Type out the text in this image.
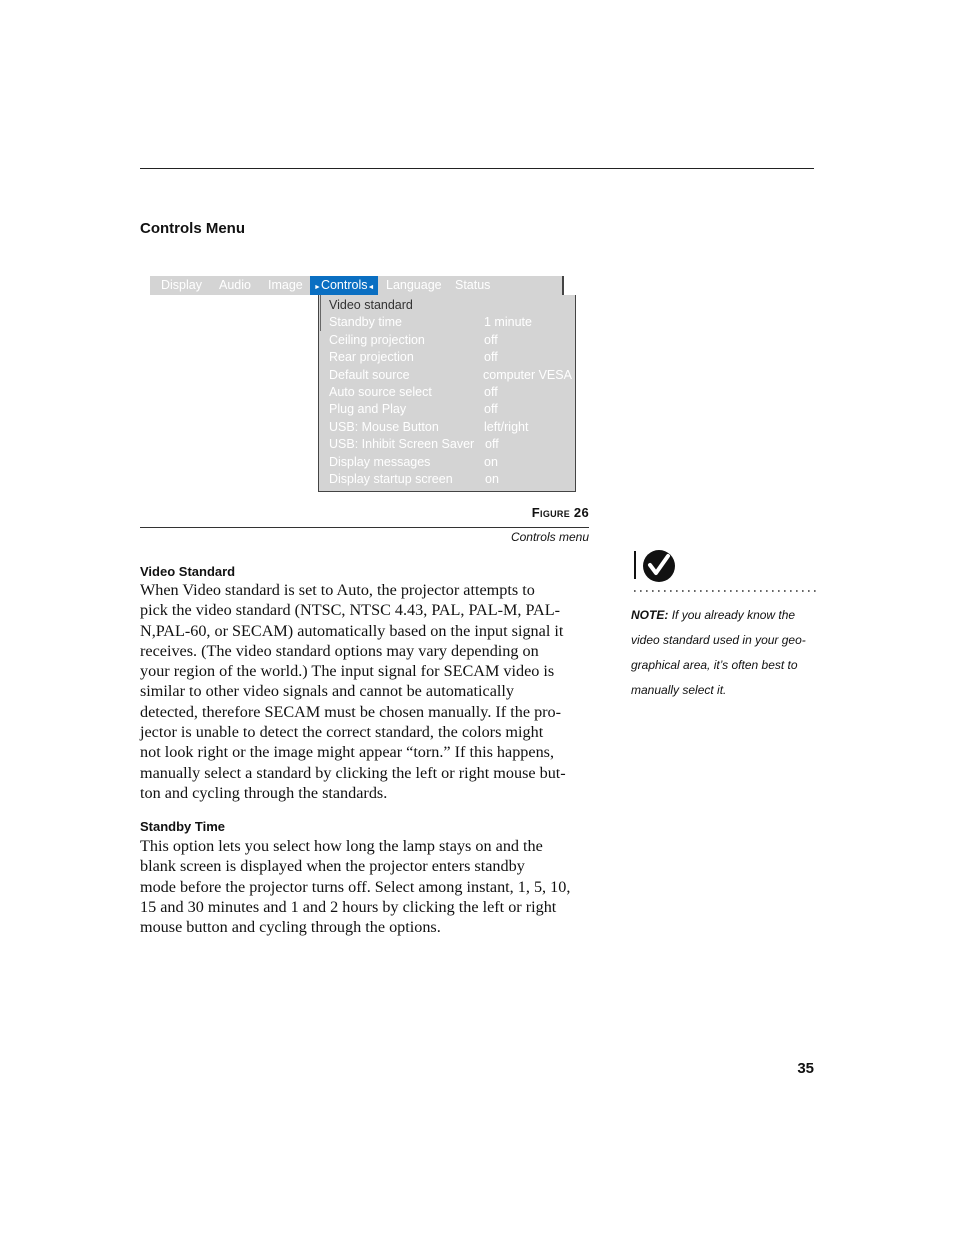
Controls Menu
Display Audio Image	►Controls◄ Language Status
Video standard
Standby time	1 minute
Ceiling projection	off
Rear projection	off
Default source	computer VESA
Auto source select	off
Plug and Play	off
USB: Mouse Button	left/right
USB: Inhibit Screen Saver off
Display messages	on
Display startup screen	on
Figure 26
Controls menu
Video Standard
When Video standard is set to Auto, the projector attempts to
pick the video standard (NTSC, NTSC 4.43, PAL, PAL-M, PAL-
N,PAL-60, or SECAM) automatically based on the input signal it
receives. (The video standard options may vary depending on
your region of the world.) The input signal for SECAM video is
similar to other video signals and cannot be automatically
detected, therefore SECAM must be chosen manually. If the pro-
jector is unable to detect the correct standard, the colors might
not look right or the image might appear “torn.” If this happens,
manually select a standard by clicking the left or right mouse but-
ton and cycling through the standards.
Standby Time
This option lets you select how long the lamp stays on and the
blank screen is displayed when the projector enters standby
mode before the projector turns off. Select among instant, 1, 5, 10,
15 and 30 minutes and 1 and 2 hours by clicking the left or right
mouse button and cycling through the options.
NOTE: If you already know the
video standard used in your geo-
graphical area, it’s often best to
manually select it.
35
